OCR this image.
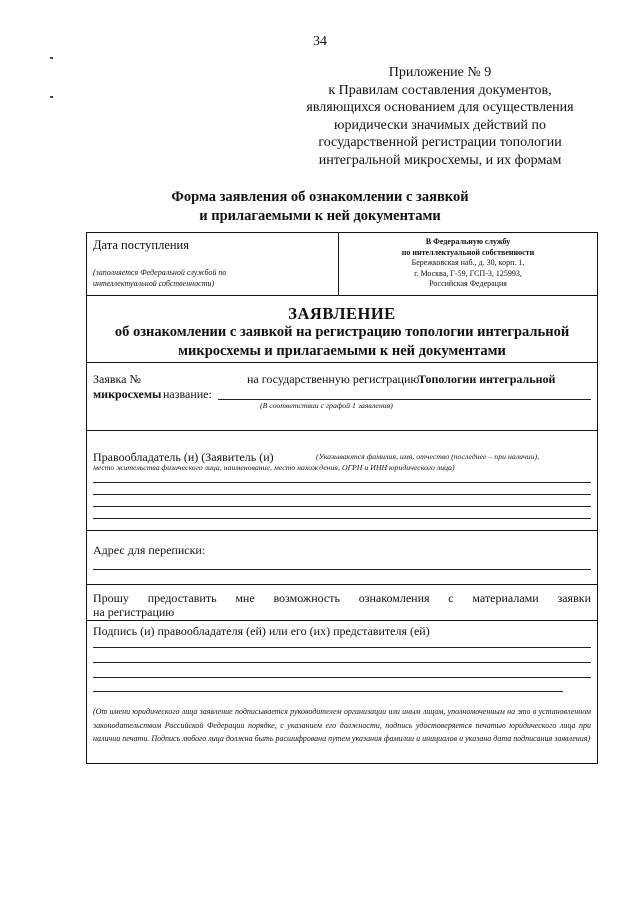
34
Приложение № 9
к Правилам составления документов,
являющихся основанием для осуществления
юридически значимых действий по
государственной регистрации топологии
интегральной микросхемы, и их формам
Форма заявления об ознакомлении с заявкой
и прилагаемыми к ней документами
Дата поступления
(заполняется Федеральной службой по
интеллектуальной собственности)
В Федеральную службу
по интеллектуальной собственности
Бережковская наб., д. 30, корп. 1,
г. Москва, Г-59, ГСП-3, 125993,
Российская Федерация
ЗАЯВЛЕНИЕ
об ознакомлении с заявкой на регистрацию топологии интегральной
микросхемы и прилагаемыми к ней документами
Заявка №	на государственную регистрацию
Топологии интегральной
микросхемы название:
(В соответствии с графой 1 заявления)
Правообладатель (и) (Заявитель (и)	(Указываются фамилия, имя, отчество (последнее – при наличии),
место жительства физического лица, наименование, место нахождения, ОГРН и ИНН юридического лица)
Адрес для переписки:
Прошу предоставить мне возможность ознакомления с материалами заявки
на регистрацию
Подпись (и) правообладателя (ей) или его (их) представителя (ей)
(От имени юридического лица заявление подписывается руководителем организации или иным лицом, уполномоченным на это в установленном законодательством Российской Федерации порядке, с указанием его должности, подпись удостоверяется печатью юридического лица при наличии печати. Подпись любого лица должна быть расшифрована путем указания фамилии и инициалов и указана дата подписания заявления)
